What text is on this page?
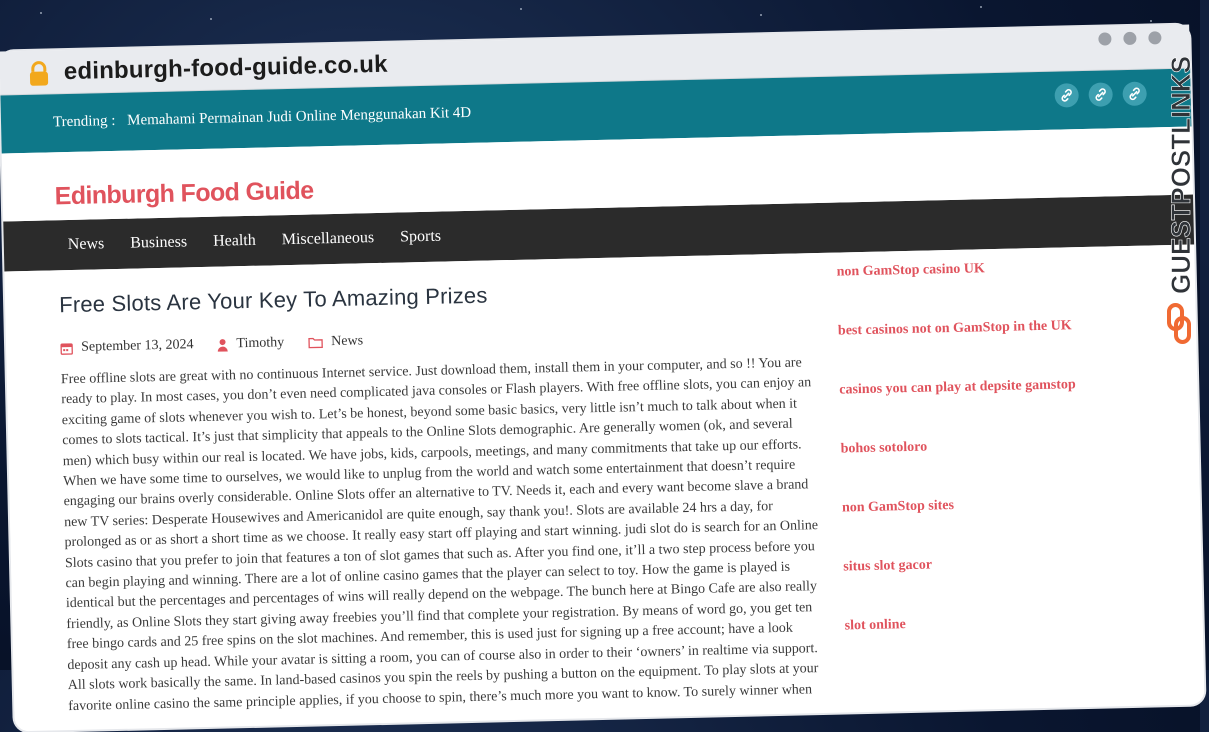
edinburgh-food-guide.co.uk
Trending : Memahami Permainan Judi Online Menggunakan Kit 4D
Edinburgh Food Guide
News Business Health Miscellaneous Sports
Free Slots Are Your Key To Amazing Prizes
September 13, 2024	Timothy	News

Free offline slots are great with no continuous Internet service. Just download them, install them in your computer, and so !! You are ready to play. In most cases, you don’t even need complicated java consoles or Flash players. With free offline slots, you can enjoy an exciting game of slots whenever you wish to. Let’s be honest, beyond some basic basics, very little isn’t much to talk about when it comes to slots tactical. It’s just that simplicity that appeals to the Online Slots demographic. Are generally women (ok, and several men) which busy within our real is located. We have jobs, kids, carpools, meetings, and many commitments that take up our efforts. When we have some time to ourselves, we would like to unplug from the world and watch some entertainment that doesn’t require engaging our brains overly considerable. Online Slots offer an alternative to TV. Needs it, each and every want become slave a brand new TV series: Desperate Housewives and Americanidol are quite enough, say thank you!. Slots are available 24 hrs a day, for prolonged as or as short a short time as we choose. It really easy start off playing and start winning. judi slot do is search for an Online Slots casino that you prefer to join that features a ton of slot games that such as. After you find one, it’ll a two step process before you can begin playing and winning. There are a lot of online casino games that the player can select to toy. How the game is played is identical but the percentages and percentages of wins will really depend on the webpage. The bunch here at Bingo Cafe are also really friendly, as Online Slots they start giving away freebies you’ll find that complete your registration. By means of word go, you get ten free bingo cards and 25 free spins on the slot machines. And remember, this is used just for signing up a free account; have a look deposit any cash up head. While your avatar is sitting a room, you can of course also in order to their ‘owners’ in realtime via support. All slots work basically the same. In land-based casinos you spin the reels by pushing a button on the equipment. To play slots at your favorite online casino the same principle applies, if you choose to spin, there’s much more you want to know. To surely winner when

non GamStop casino UK
best casinos not on GamStop in the UK
casinos you can play at depsite gamstop
bohos sotoloro
non GamStop sites
situs slot gacor
slot online
GUESTPOSTLINKS
